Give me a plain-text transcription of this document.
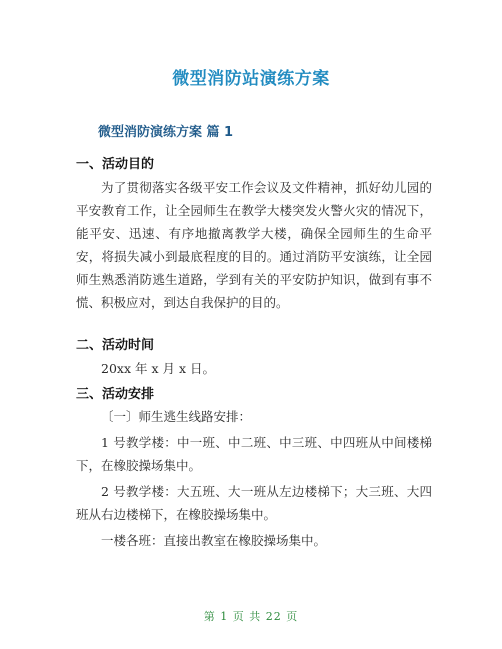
微型消防站演练方案
微型消防演练方案 篇 1
一、活动目的

为了贯彻落实各级平安工作会议及文件精神，抓好幼儿园的平安教育工作，让全园师生在教学大楼突发火警火灾的情况下，能平安、迅速、有序地撤离教学大楼，确保全园师生的生命平安，将损失减小到最底程度的目的。通过消防平安演练，让全园师生熟悉消防逃生道路，学到有关的平安防护知识，做到有事不慌、积极应对，到达自我保护的目的。

二、活动时间

20xx 年 x 月 x 日。

三、活动安排

〔一〕师生逃生线路安排：

1 号教学楼：中一班、中二班、中三班、中四班从中间楼梯下，在橡胶操场集中。

2 号教学楼：大五班、大一班从左边楼梯下；大三班、大四班从右边楼梯下，在橡胶操场集中。

一楼各班：直接出教室在橡胶操场集中。

第 1 页 共 22 页
